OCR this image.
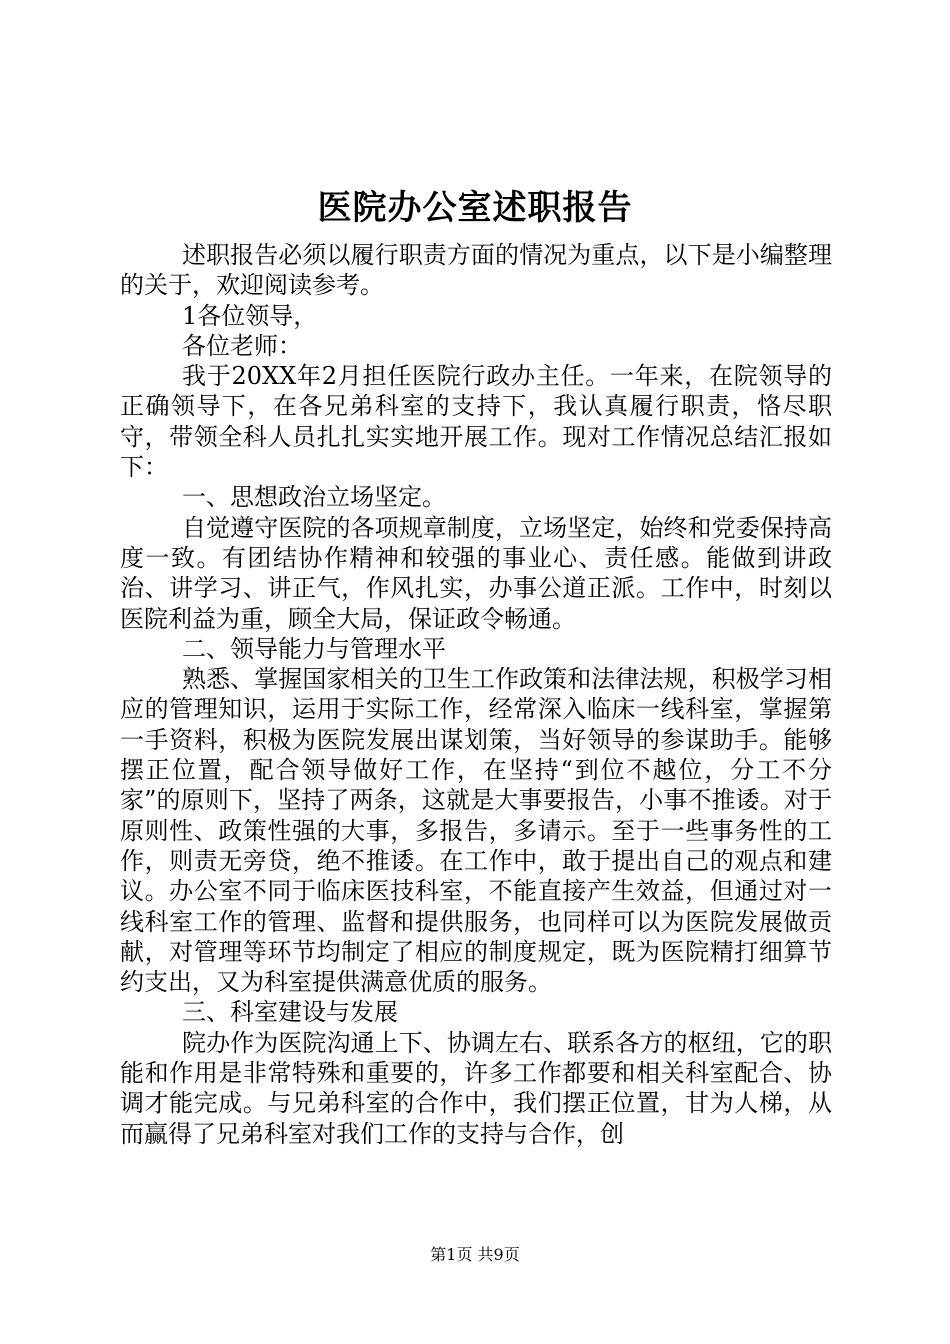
医院办公室述职报告

述职报告必须以履行职责方面的情况为重点，以下是小编整理的关于，欢迎阅读参考。

1各位领导，

各位老师：

我于20XX年2月担任医院行政办主任。一年来，在院领导的正确领导下，在各兄弟科室的支持下，我认真履行职责，恪尽职守，带领全科人员扎扎实实地开展工作。现对工作情况总结汇报如下：

一、思想政治立场坚定。

自觉遵守医院的各项规章制度，立场坚定，始终和党委保持高度一致。有团结协作精神和较强的事业心、责任感。能做到讲政治、讲学习、讲正气，作风扎实，办事公道正派。工作中，时刻以医院利益为重，顾全大局，保证政令畅通。

二、领导能力与管理水平

熟悉、掌握国家相关的卫生工作政策和法律法规，积极学习相应的管理知识，运用于实际工作，经常深入临床一线科室，掌握第一手资料，积极为医院发展出谋划策，当好领导的参谋助手。能够摆正位置，配合领导做好工作，在坚持“到位不越位，分工不分家”的原则下，坚持了两条，这就是大事要报告，小事不推诿。对于原则性、政策性强的大事，多报告，多请示。至于一些事务性的工作，则责无旁贷，绝不推诿。在工作中，敢于提出自己的观点和建议。办公室不同于临床医技科室，不能直接产生效益，但通过对一线科室工作的管理、监督和提供服务，也同样可以为医院发展做贡献，对管理等环节均制定了相应的制度规定，既为医院精打细算节约支出，又为科室提供满意优质的服务。

三、科室建设与发展

院办作为医院沟通上下、协调左右、联系各方的枢纽，它的职能和作用是非常特殊和重要的，许多工作都要和相关科室配合、协调才能完成。与兄弟科室的合作中，我们摆正位置，甘为人梯，从而赢得了兄弟科室对我们工作的支持与合作，创

第1页 共9页
